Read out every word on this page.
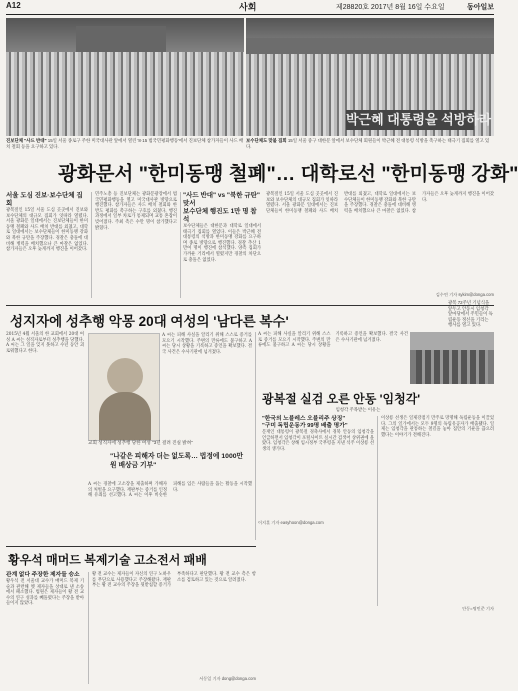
A12	사회	제28820호 2017년 8월 16일 수요일	동아일보
박근혜 대통령을 석방하라
진보단체 "사드 반대" 15일 서울 종로구 주한 미국대사관 앞에서 열린 '8·15 범국민평화행동'에서 진보단체 참가자들이 사드 배치 철회 등을 요구하고 있다.
보수단체도 맞불 집회 15일 서울 중구 대한문 앞에서 보수단체 회원들이 박근혜 전 대통령 석방을 촉구하는 태극기 집회를 열고 있다.
광화문서 "한미동맹 철폐"… 대학로선 "한미동맹 강화"
서울 도심 진보·보수단체 집회
광복절인 15일 서울 도심 곳곳에서 진보와 보수단체의 대규모 집회가 잇따라 열렸다. 서울 광화문 일대에서는 진보단체들이 한미동맹 철폐와 사드 배치 반대를 외쳤고, 대학로 일대에서는 보수단체들이 한미동맹 강화와 북한 규탄을 주장했다. 경찰은 충돌에 대비해 병력을 배치했으나 큰 마찰은 없었다. 참가자들은 오후 늦게까지 행진을 이어갔다.
민주노총 등 진보단체는 광화문광장에서 범국민평화행동을 열고 미국대사관 방향으로 행진했다. 참가자들은 사드 배치 철회와 한반도 평화를 촉구하는 구호를 외쳤다. 행진 과정에서 일부 차로가 통제되며 교통 혼잡이 빚어졌다. 주최 측은 수만 명이 참가했다고 밝혔다.
"사드 반대" vs "북한 규탄" 맞서
보수단체 행진도 1만 명 참석
보수단체들은 대한문과 대학로 일대에서 태극기 집회를 열었다. 이들은 박근혜 전 대통령의 석방과 한미동맹 강화를 요구하며 종로 방향으로 행진했다. 경찰 추산 1만여 명이 행진에 참석했다. 양측 집회가 가까운 거리에서 열렸지만 경찰의 차단으로 충돌은 없었다.
광복절인 15일 서울 도심 곳곳에서 진보와 보수단체의 대규모 집회가 잇따라 열렸다. 서울 광화문 일대에서는 진보단체들이 한미동맹 철폐와 사드 배치 반대를 외쳤고, 대학로 일대에서는 보수단체들이 한미동맹 강화와 북한 규탄을 주장했다. 경찰은 충돌에 대비해 병력을 배치했으나 큰 마찰은 없었다. 참가자들은 오후 늦게까지 행진을 이어갔다.
김수연 기자 sykim@donga.com
성지자에 성추행 악몽 20대 여성의 '남다른 복수'
2015년 4월 서울의 한 교회에서 20대 여성 A 씨는 성직자로부터 성추행을 당했다. A 씨는 그 일을 잊지 못하고 수년 동안 괴로워했다고 한다.
A 씨는 피해 사실을 알리기 위해 스스로 증거를 모으기 시작했다. 주변의 만류에도 불구하고 A 씨는 당시 상황을 기록하고 증언을 확보했다. 결국 사건은 수사기관에 넘겨졌다.
교회 성직자에 성추행 당한 여성 "3년 걸려 진실 밝혀"
"나같은 피해자 더는 없도록… 법정에 1000만원 배상금 기부"
A 씨는 경찰에 고소장을 제출하며 가해자의 처벌을 요구했다. 재판부는 증거를 인정해 유죄를 선고했다. A 씨는 이후 비슷한 피해를 입은 사람들을 돕는 활동을 시작했다.
A 씨는 피해 사실을 알리기 위해 스스로 증거를 모으기 시작했다. 주변의 만류에도 불구하고 A 씨는 당시 상황을 기록하고 증언을 확보했다. 결국 사건은 수사기관에 넘겨졌다.
이지훈 기자 easyhoon@donga.com
광복 72주년 기념식을 앞두고 안동시 임청각 앞마당에서 주민들이 독립운동 정신을 기리는 행사를 열고 있다.
광복절 실검 오른 안동 '임청각'
임청각 주목받는 이유는
"한국의 노블레스 오블리주 상징"
"구미 독립운동가 99명 배출 명가"
문재인 대통령이 광복절 경축사에서 경북 안동의 임청각을 언급하면서 임청각이 포털사이트 실시간 검색어 상위권에 올랐다. 임청각은 상해 임시정부 국무령을 지낸 석주 이상룡 선생의 생가다.
이상룡 선생은 일제강점기 만주로 망명해 독립운동을 이끌었다. 그의 일가에서는 모두 9명의 독립유공자가 배출됐다. 일제는 임청각을 관통하는 철길을 놓아 집안의 기운을 끊으려 했다는 이야기가 전해진다.
안동=명민준 기자
황우석 매머드 복제기술 고소전서 패배
관계 없다 주장한 제자들 승소
황우석 전 서울대 교수가 매머드 복제 기술과 관련해 옛 제자들을 상대로 낸 소송에서 패소했다. 법원은 제자들이 황 전 교수의 연구 성과를 빼돌렸다는 주장을 받아들이지 않았다.
황 전 교수는 제자들이 자신의 연구 노하우를 무단으로 사용했다고 주장해왔다. 재판부는 황 전 교수의 주장을 뒷받침할 증거가 부족하다고 판단했다. 황 전 교수 측은 항소를 검토하고 있는 것으로 알려졌다.
서동일 기자 dong@donga.com
